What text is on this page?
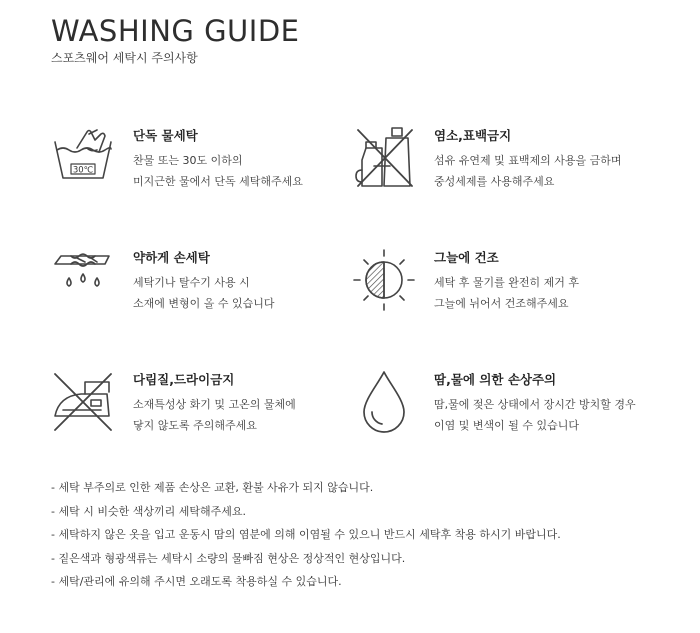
WASHING GUIDE
스포츠웨어 세탁시 주의사항
30℃
단독 물세탁
찬물 또는 30도 이하의
미지근한 물에서 단독 세탁해주세요
염소,표백금지
섬유 유연제 및 표백제의 사용을 금하며
중성세제를 사용해주세요
약하게 손세탁
세탁기나 탈수기 사용 시
소재에 변형이 올 수 있습니다
그늘에 건조
세탁 후 물기를 완전히 제거 후
그늘에 뉘어서 건조해주세요
다림질,드라이금지
소재특성상 화기 및 고온의 물체에
닿지 않도록 주의해주세요
땀,물에 의한 손상주의
땀,물에 젖은 상태에서 장시간 방치할 경우
이염 및 변색이 될 수 있습니다
- 세탁 부주의로 인한 제품 손상은 교환, 환불 사유가 되지 않습니다.
- 세탁 시 비슷한 색상끼리 세탁해주세요.
- 세탁하지 않은 옷을 입고 운동시 땀의 염분에 의해 이염될 수 있으니 반드시 세탁후 착용 하시기 바랍니다.
- 짙은색과 형광색류는 세탁시 소량의 물빠짐 현상은 정상적인 현상입니다.
- 세탁/관리에 유의해 주시면 오래도록 착용하실 수 있습니다.
